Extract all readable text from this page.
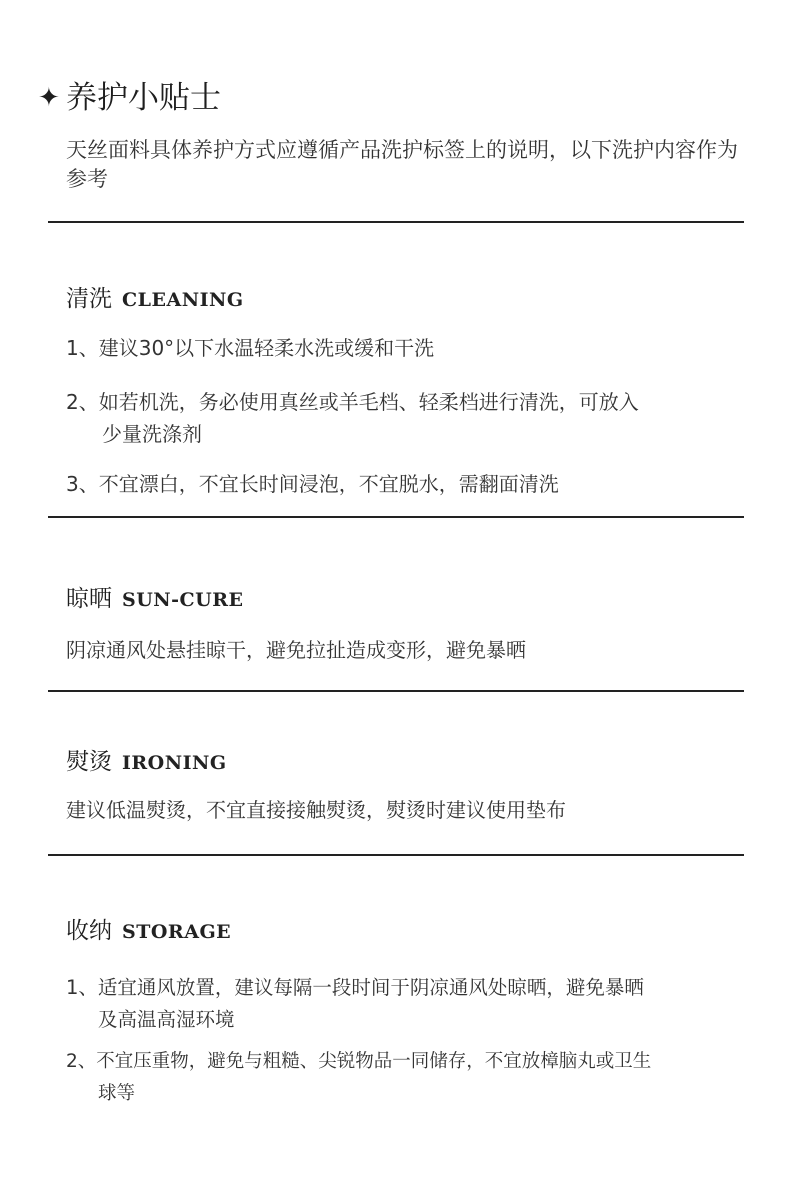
✦ 养护小贴士
天丝面料具体养护方式应遵循产品洗护标签上的说明，以下洗护内容作为参考
清洗 CLEANING
1、建议30°以下水温轻柔水洗或缓和干洗
2、如若机洗，务必使用真丝或羊毛档、轻柔档进行清洗，可放入
少量洗涤剂
3、不宜漂白，不宜长时间浸泡，不宜脱水，需翻面清洗
晾晒 SUN-CURE
阴凉通风处悬挂晾干，避免拉扯造成变形，避免暴晒
熨烫 IRONING
建议低温熨烫，不宜直接接触熨烫，熨烫时建议使用垫布
收纳 STORAGE
1、适宜通风放置，建议每隔一段时间于阴凉通风处晾晒，避免暴晒
及高温高湿环境
2、不宜压重物，避免与粗糙、尖锐物品一同储存，不宜放樟脑丸或卫生
球等
